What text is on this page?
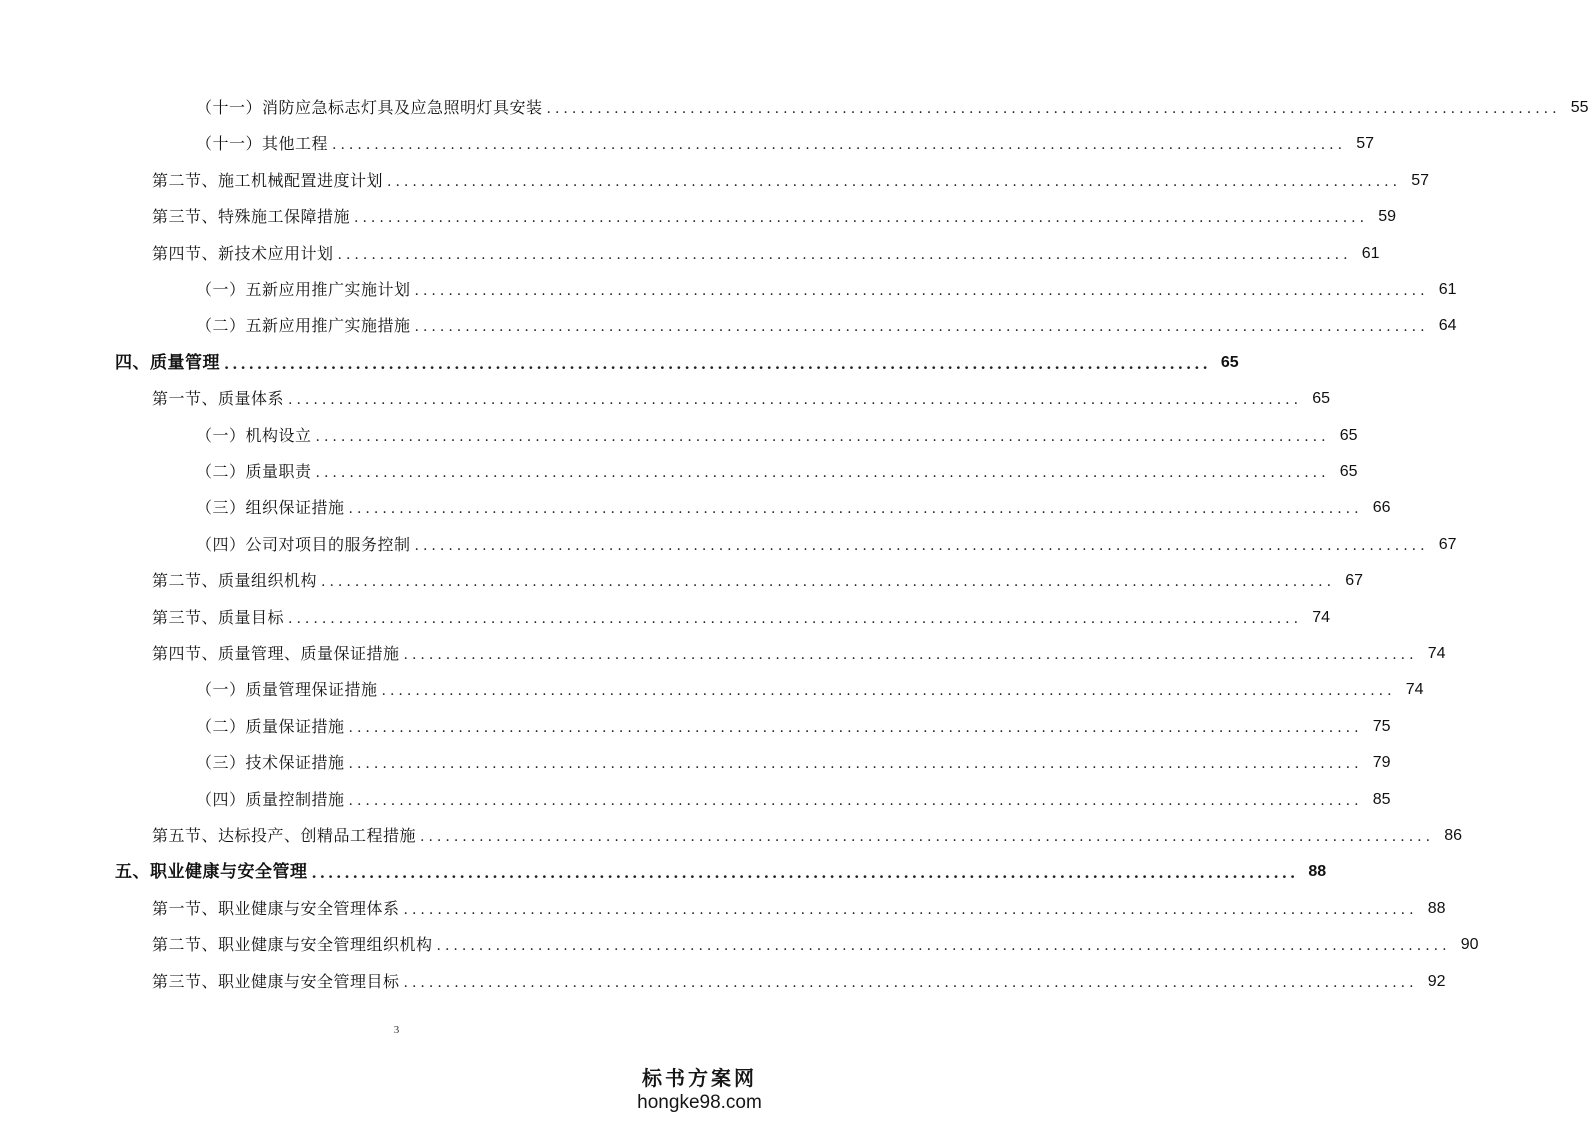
（十一）消防应急标志灯具及应急照明灯具安装 ........................................................................................................................ 55
（十一）其他工程 ........................................................................................................................ 57
第二节、施工机械配置进度计划 ........................................................................................................................ 57
第三节、特殊施工保障措施 ........................................................................................................................ 59
第四节、新技术应用计划 ........................................................................................................................ 61
（一）五新应用推广实施计划 ........................................................................................................................ 61
（二）五新应用推广实施措施 ........................................................................................................................ 64
四、质量管理 ........................................................................................................................ 65
第一节、质量体系 ........................................................................................................................ 65
（一）机构设立 ........................................................................................................................ 65
（二）质量职责 ........................................................................................................................ 65
（三）组织保证措施 ........................................................................................................................ 66
（四）公司对项目的服务控制 ........................................................................................................................ 67
第二节、质量组织机构 ........................................................................................................................ 67
第三节、质量目标 ........................................................................................................................ 74
第四节、质量管理、质量保证措施 ........................................................................................................................ 74
（一）质量管理保证措施 ........................................................................................................................ 74
（二）质量保证措施 ........................................................................................................................ 75
（三）技术保证措施 ........................................................................................................................ 79
（四）质量控制措施 ........................................................................................................................ 85
第五节、达标投产、创精品工程措施 ........................................................................................................................ 86
五、职业健康与安全管理 ........................................................................................................................ 88
第一节、职业健康与安全管理体系 ........................................................................................................................ 88
第二节、职业健康与安全管理组织机构 ........................................................................................................................ 90
第三节、职业健康与安全管理目标 ........................................................................................................................ 92
3
标书方案网
hongke98.com
